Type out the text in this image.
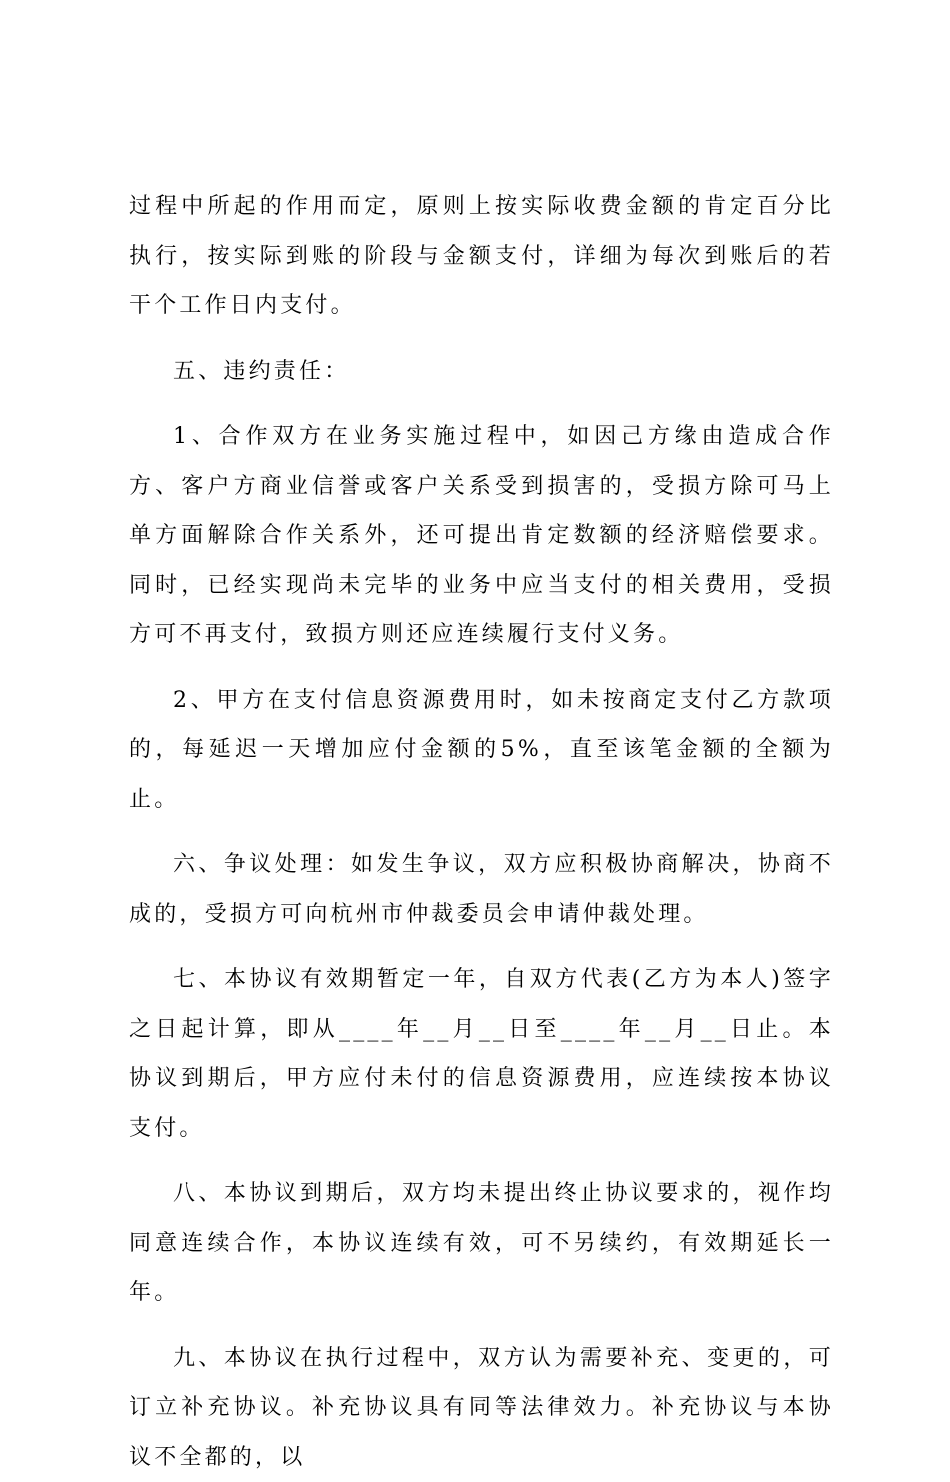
过程中所起的作用而定，原则上按实际收费金额的肯定百分比执行，按实际到账的阶段与金额支付，详细为每次到账后的若干个工作日内支付。

五、违约责任：

1、合作双方在业务实施过程中，如因己方缘由造成合作方、客户方商业信誉或客户关系受到损害的，受损方除可马上单方面解除合作关系外，还可提出肯定数额的经济赔偿要求。同时，已经实现尚未完毕的业务中应当支付的相关费用，受损方可不再支付，致损方则还应连续履行支付义务。

2、甲方在支付信息资源费用时，如未按商定支付乙方款项的，每延迟一天增加应付金额的5%，直至该笔金额的全额为止。

六、争议处理：如发生争议，双方应积极协商解决，协商不成的，受损方可向杭州市仲裁委员会申请仲裁处理。

七、本协议有效期暂定一年，自双方代表(乙方为本人)签字之日起计算，即从____年__月__日至____年__月__日止。本协议到期后，甲方应付未付的信息资源费用，应连续按本协议支付。

八、本协议到期后，双方均未提出终止协议要求的，视作均同意连续合作，本协议连续有效，可不另续约，有效期延长一年。

九、本协议在执行过程中，双方认为需要补充、变更的，可订立补充协议。补充协议具有同等法律效力。补充协议与本协议不全都的，以
